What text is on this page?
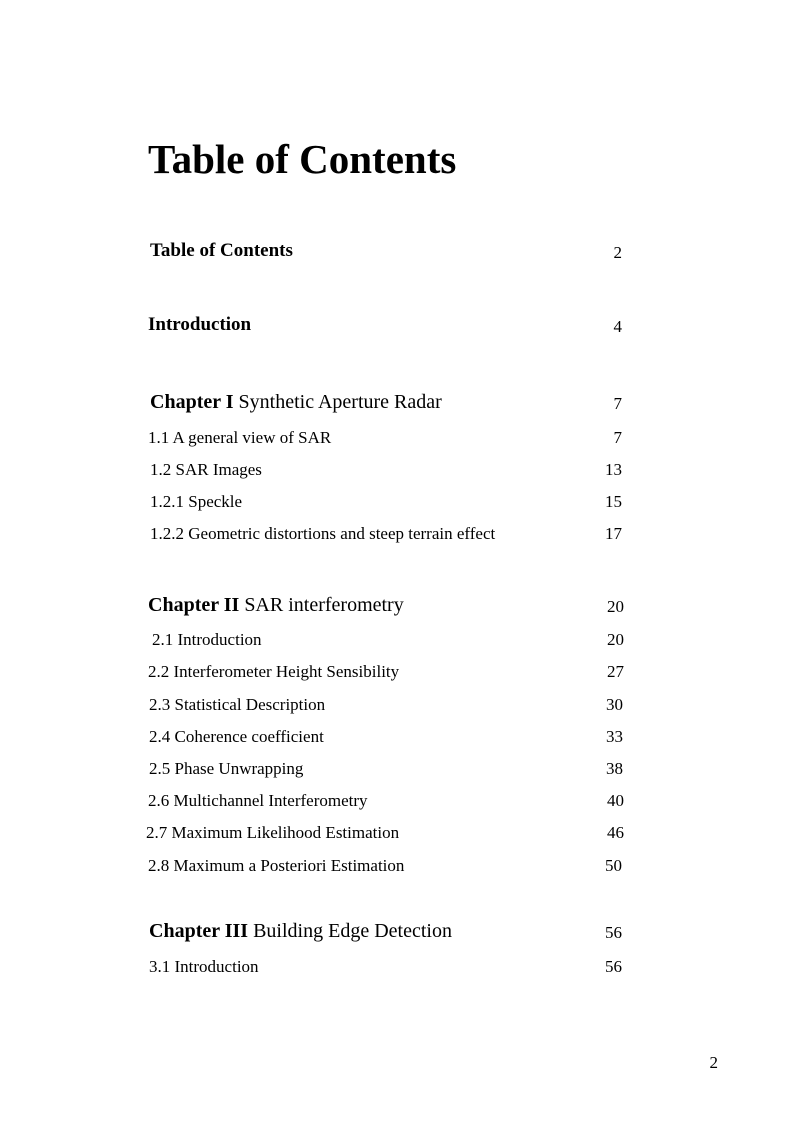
Table of Contents
Table of Contents	2
Introduction	4
Chapter I Synthetic Aperture Radar	7
1.1 A general view of SAR	7
1.2 SAR Images	13
1.2.1 Speckle	15
1.2.2 Geometric distortions and steep terrain effect	17
Chapter II SAR interferometry	20
2.1 Introduction	20
2.2 Interferometer Height Sensibility	27
2.3 Statistical Description	30
2.4 Coherence coefficient	33
2.5 Phase Unwrapping	38
2.6 Multichannel Interferometry	40
2.7 Maximum Likelihood Estimation	46
2.8 Maximum a Posteriori Estimation	50
Chapter III Building Edge Detection	56
3.1 Introduction	56
2
